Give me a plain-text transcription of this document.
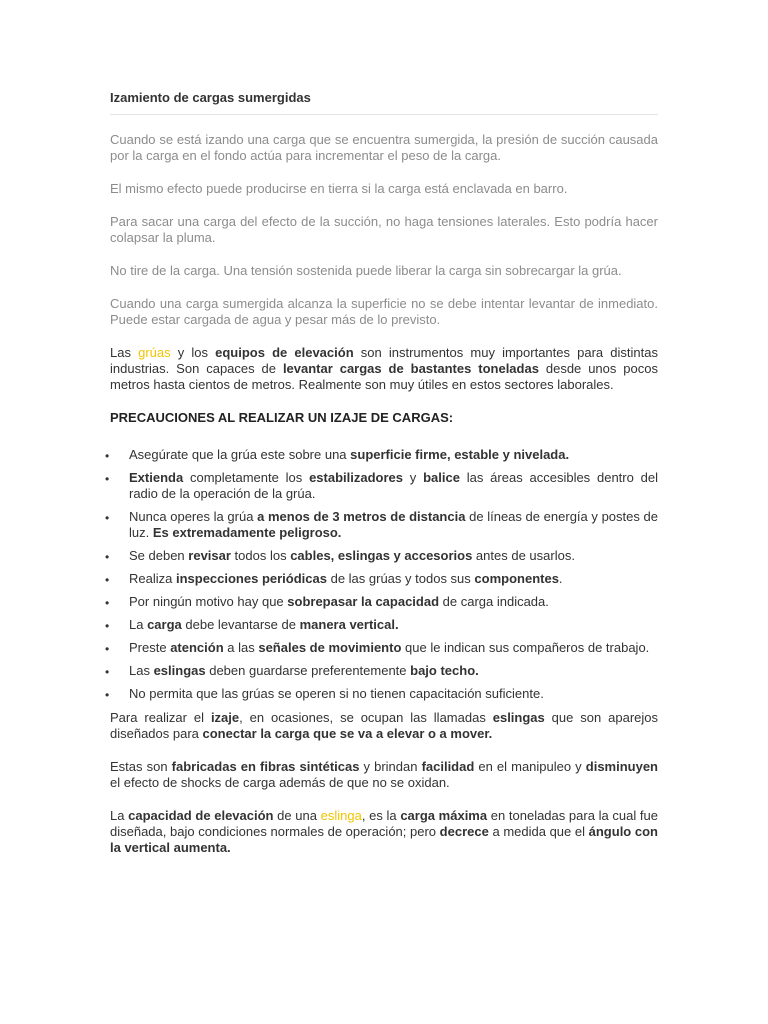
Izamiento de cargas sumergidas

Cuando se está izando una carga que se encuentra sumergida, la presión de succión causada por la carga en el fondo actúa para incrementar el peso de la carga.

El mismo efecto puede producirse en tierra si la carga está enclavada en barro.

Para sacar una carga del efecto de la succión, no haga tensiones laterales. Esto podría hacer colapsar la pluma.

No tire de la carga. Una tensión sostenida puede liberar la carga sin sobrecargar la grúa.

Cuando una carga sumergida alcanza la superficie no se debe intentar levantar de inmediato. Puede estar cargada de agua y pesar más de lo previsto.

Las grúas y los equipos de elevación son instrumentos muy importantes para distintas industrias. Son capaces de levantar cargas de bastantes toneladas desde unos pocos metros hasta cientos de metros. Realmente son muy útiles en estos sectores laborales.

PRECAUCIONES AL REALIZAR UN IZAJE DE CARGAS:

• Asegúrate que la grúa este sobre una superficie firme, estable y nivelada.
• Extienda completamente los estabilizadores y balice las áreas accesibles dentro del radio de la operación de la grúa.
• Nunca operes la grúa a menos de 3 metros de distancia de líneas de energía y postes de luz. Es extremadamente peligroso.
• Se deben revisar todos los cables, eslingas y accesorios antes de usarlos.
• Realiza inspecciones periódicas de las grúas y todos sus componentes.
• Por ningún motivo hay que sobrepasar la capacidad de carga indicada.
• La carga debe levantarse de manera vertical.
• Preste atención a las señales de movimiento que le indican sus compañeros de trabajo.
• Las eslingas deben guardarse preferentemente bajo techo.
• No permita que las grúas se operen si no tienen capacitación suficiente.

Para realizar el izaje, en ocasiones, se ocupan las llamadas eslingas que son aparejos diseñados para conectar la carga que se va a elevar o a mover.

Estas son fabricadas en fibras sintéticas y brindan facilidad en el manipuleo y disminuyen el efecto de shocks de carga además de que no se oxidan.

La capacidad de elevación de una eslinga, es la carga máxima en toneladas para la cual fue diseñada, bajo condiciones normales de operación; pero decrece a medida que el ángulo con la vertical aumenta.
